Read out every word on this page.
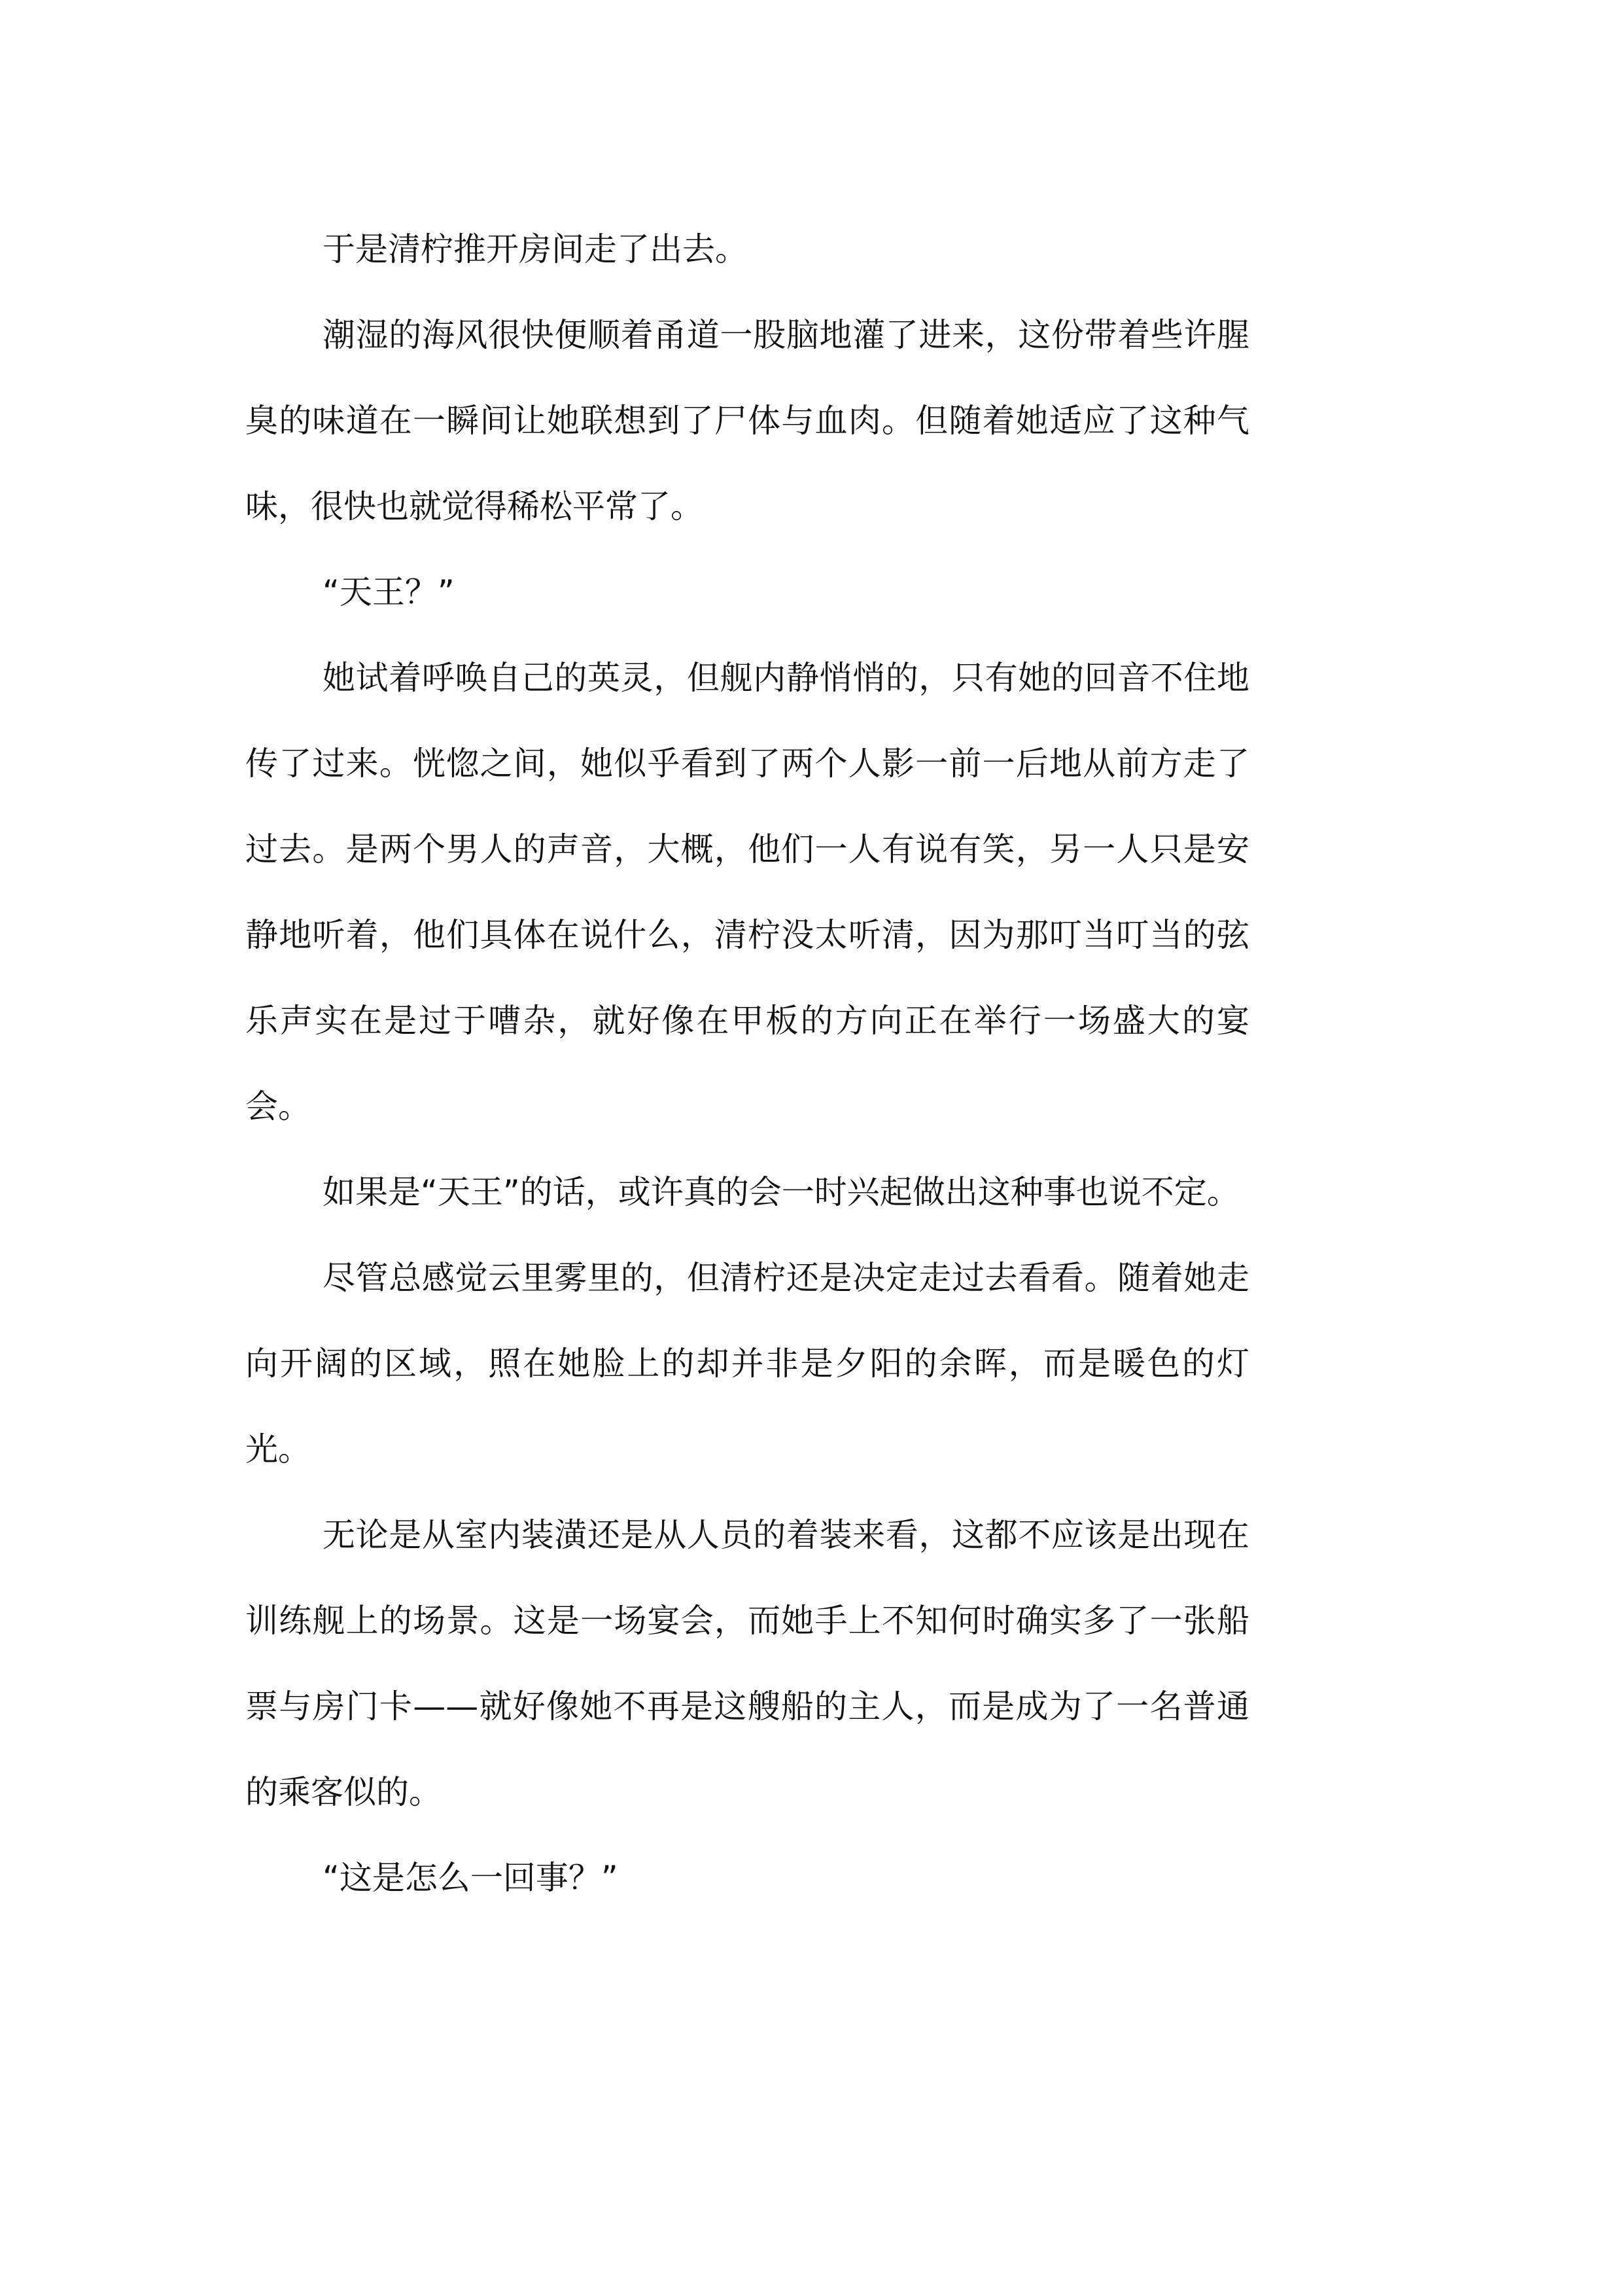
于是清柠推开房间走了出去。

潮湿的海风很快便顺着甬道一股脑地灌了进来，这份带着些许腥臭的味道在一瞬间让她联想到了尸体与血肉。但随着她适应了这种气味，很快也就觉得稀松平常了。

“天王？”

她试着呼唤自己的英灵，但舰内静悄悄的，只有她的回音不住地传了过来。恍惚之间，她似乎看到了两个人影一前一后地从前方走了过去。是两个男人的声音，大概，他们一人有说有笑，另一人只是安静地听着，他们具体在说什么，清柠没太听清，因为那叮当叮当的弦乐声实在是过于嘈杂，就好像在甲板的方向正在举行一场盛大的宴会。

如果是“天王”的话，或许真的会一时兴起做出这种事也说不定。

尽管总感觉云里雾里的，但清柠还是决定走过去看看。随着她走向开阔的区域，照在她脸上的却并非是夕阳的余晖，而是暖色的灯光。

无论是从室内装潢还是从人员的着装来看，这都不应该是出现在训练舰上的场景。这是一场宴会，而她手上不知何时确实多了一张船票与房门卡——就好像她不再是这艘船的主人，而是成为了一名普通的乘客似的。

“这是怎么一回事？”
